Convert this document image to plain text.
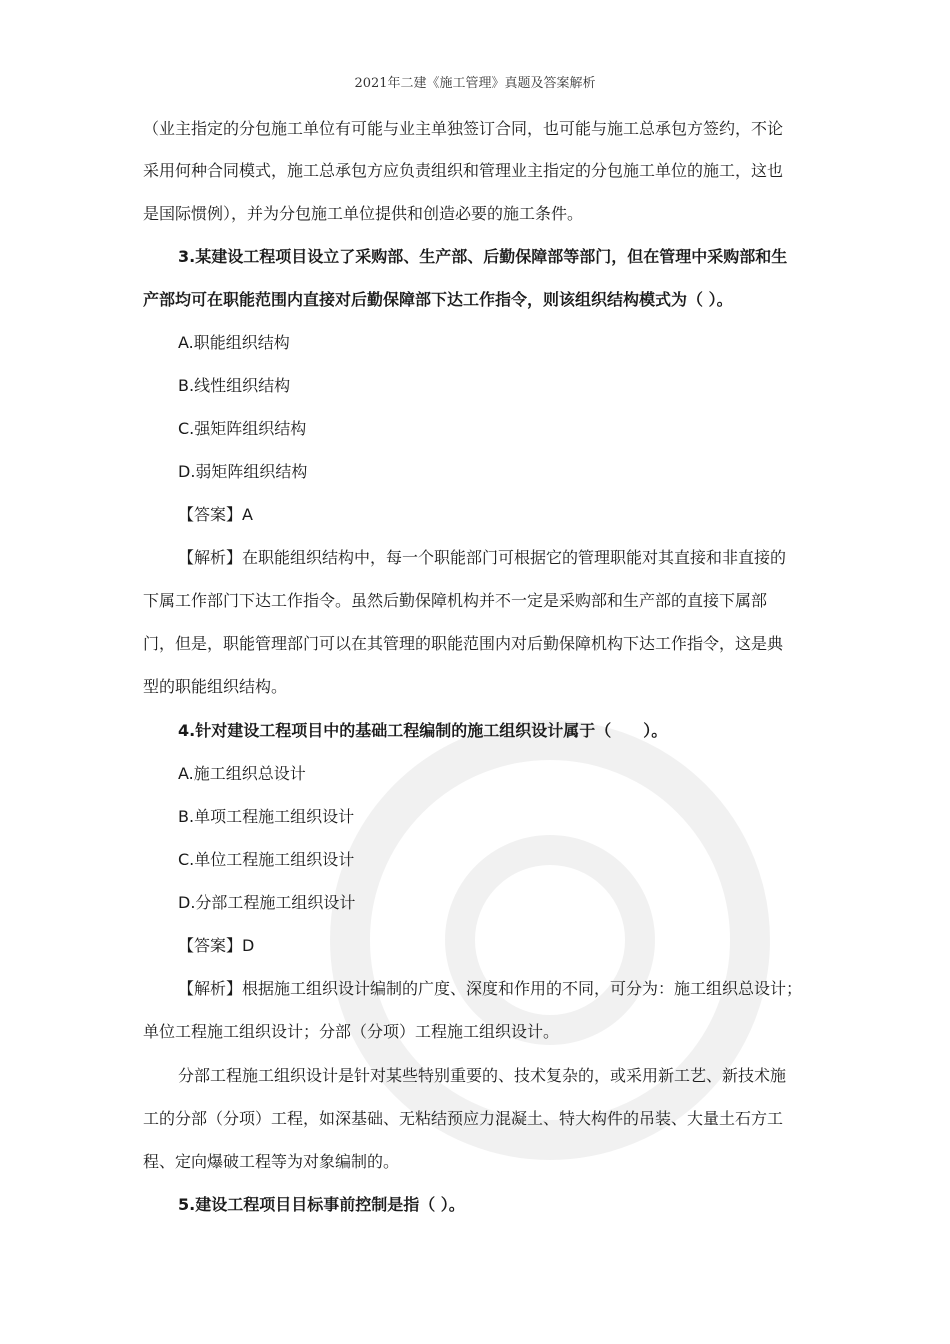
2021年二建《施工管理》真题及答案解析
（业主指定的分包施工单位有可能与业主单独签订合同，也可能与施工总承包方签约，不论
采用何种合同模式，施工总承包方应负责组织和管理业主指定的分包施工单位的施工，这也
是国际惯例），并为分包施工单位提供和创造必要的施工条件。
3.某建设工程项目设立了采购部、生产部、后勤保障部等部门，但在管理中采购部和生
产部均可在职能范围内直接对后勤保障部下达工作指令，则该组织结构模式为（ ）。
A.职能组织结构
B.线性组织结构
C.强矩阵组织结构
D.弱矩阵组织结构
【答案】A
【解析】在职能组织结构中，每一个职能部门可根据它的管理职能对其直接和非直接的
下属工作部门下达工作指令。虽然后勤保障机构并不一定是采购部和生产部的直接下属部
门，但是，职能管理部门可以在其管理的职能范围内对后勤保障机构下达工作指令，这是典
型的职能组织结构。
4.针对建设工程项目中的基础工程编制的施工组织设计属于（　　）。
A.施工组织总设计
B.单项工程施工组织设计
C.单位工程施工组织设计
D.分部工程施工组织设计
【答案】D
【解析】根据施工组织设计编制的广度、深度和作用的不同，可分为：施工组织总设计；
单位工程施工组织设计；分部（分项）工程施工组织设计。
分部工程施工组织设计是针对某些特别重要的、技术复杂的，或采用新工艺、新技术施
工的分部（分项）工程，如深基础、无粘结预应力混凝土、特大构件的吊装、大量土石方工
程、定向爆破工程等为对象编制的。
5.建设工程项目目标事前控制是指（ ）。
